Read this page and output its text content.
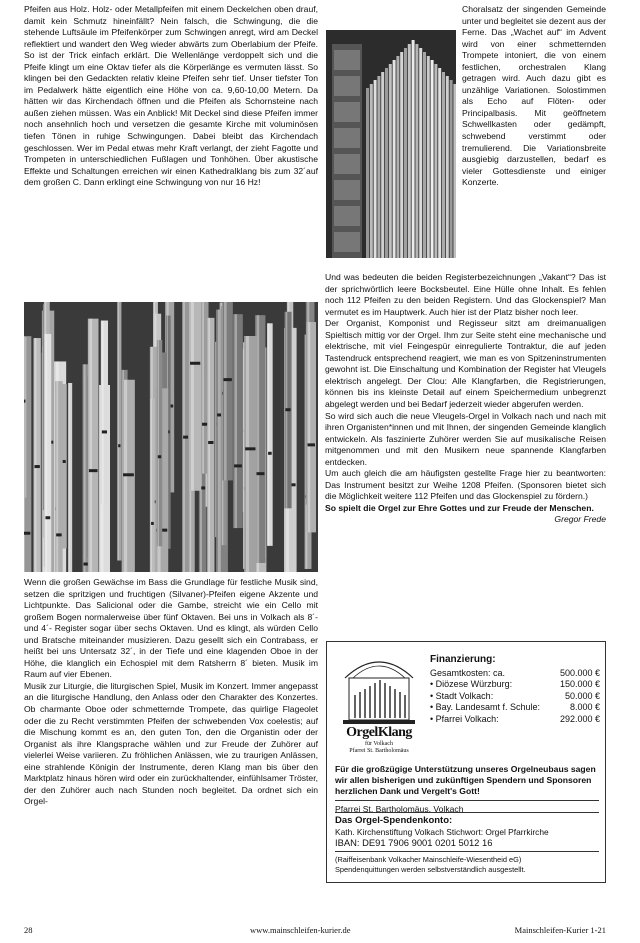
Pfeifen aus Holz. Holz- oder Metallpfeifen mit einem Deckelchen oben drauf, damit kein Schmutz hineinfällt? Nein falsch, die Schwingung, die die stehende Luftsäule im Pfeifenkörper zum Schwingen anregt, wird am Deckel reflektiert und wandert den Weg wieder abwärts zum Oberlabium der Pfeife. So ist der Trick einfach erklärt. Die Wellenlänge verdoppelt sich und die Pfeife klingt um eine Oktav tiefer als die Körperlänge es vermuten lässt. So klingen bei den Gedackten relativ kleine Pfeifen sehr tief. Unser tiefster Ton im Pedalwerk hätte eigentlich eine Höhe von ca. 9,60-10,00 Metern. Da hätten wir das Kirchendach öffnen und die Pfeifen als Schornsteine nach außen ziehen müssen. Was ein Anblick! Mit Deckel sind diese Pfeifen immer noch ansehnlich hoch und versetzen die gesamte Kirche mit voluminösen tiefen Tönen in ruhige Schwingungen. Dabei bleibt das Kirchendach geschlossen. Wer im Pedal etwas mehr Kraft verlangt, der zieht Fagotte und Trompeten in unterschiedlichen Fußlagen und Tonhöhen. Über akustische Effekte und Schaltungen erreichen wir einen Kathedralklang bis zum 32´auf dem großen C. Dann erklingt eine Schwingung von nur 16 Hz!

Wenn die großen Gewächse im Bass die Grundlage für festliche Musik sind, setzen die spritzigen und fruchtigen (Silvaner)-Pfeifen eigene Akzente und Lichtpunkte. Das Salicional oder die Gambe, streicht wie ein Cello mit großem Bogen normalerweise über fünf Oktaven. Bei uns in Volkach als 8´- und 4´- Register sogar über sechs Oktaven. Und es klingt, als würden Cello und Bratsche miteinander musizieren. Dazu gesellt sich ein Contrabass, er heißt bei uns Untersatz 32´, in der Tiefe und eine klagenden Oboe in der Höhe, die klanglich ein Echospiel mit dem Ratsherrn 8´ bieten. Musik im Raum auf vier Ebenen.

Musik zur Liturgie, die liturgischen Spiel, Musik im Konzert. Immer angepasst an die liturgische Handlung, den Anlass oder den Charakter des Konzertes. Ob charmante Oboe oder schmetternde Trompete, das quirlige Flageolet oder die zu Recht verstimmten Pfeifen der schwebenden Vox coelestis; auf die Mischung kommt es an, den guten Ton, den die Organistin oder der Organist als ihre Klangsprache wählen und zur Freude der Zuhörer auf vielerlei Weise variieren. Zu fröhlichen Anlässen, wie zu traurigen Anlässen, eine strahlende Königin der Instrumente, deren Klang man bis über den Marktplatz hinaus hören wird oder ein zurückhaltender, einfühlsamer Tröster, der den Zuhörer auch nach Stunden noch begleitet. Da ordnet sich ein Orgel-

Choralsatz der singenden Gemeinde unter und begleitet sie dezent aus der Ferne. Das „Wachet auf“ im Advent wird von einer schmetternden Trompete intoniert, die von einem festlichen, orchestralen Klang getragen wird. Auch dazu gibt es unzählige Variationen. Solostimmen als Echo auf Flöten- oder Principalbasis. Mit geöffnetem Schwellkasten oder gedämpft, schwebend verstimmt oder tremulierend. Die Variationsbreite ausgiebig darzustellen, bedarf es vieler Gottesdienste und einiger Konzerte.

Und was bedeuten die beiden Registerbezeichnungen „Vakant“? Das ist der sprichwörtlich leere Bocksbeutel. Eine Hülle ohne Inhalt. Es fehlen noch 112 Pfeifen zu den beiden Registern. Und das Glockenspiel? Man vermutet es im Hauptwerk. Auch hier ist der Platz bisher noch leer.

Der Organist, Komponist und Regisseur sitzt am dreimanualigen Spieltisch mittig vor der Orgel. Ihm zur Seite steht eine mechanische und elektrische, mit viel Feingespür einregulierte Tontraktur, die auf jeden Tastendruck entsprechend reagiert, wie man es von Spitzeninstrumenten gewohnt ist. Die Einschaltung und Kombination der Register hat Vleugels elektrisch angelegt. Der Clou: Alle Klangfarben, die Registrierungen, können bis ins kleinste Detail auf einem Speichermedium unbegrenzt abgelegt werden und bei Bedarf jederzeit wieder abgerufen werden.

So wird sich auch die neue Vleugels-Orgel in Volkach nach und nach mit ihren Organisten*innen und mit Ihnen, der singenden Gemeinde klanglich entwickeln. Als faszinierte Zuhörer werden Sie auf musikalische Reisen mitgenommen und mit den Musikern neue spannende Klangfarben entdecken.

Um auch gleich die am häufigsten gestellte Frage hier zu beantworten: Das Instrument besitzt zur Weihe 1208 Pfeifen. (Sponsoren bietet sich die Möglichkeit weitere 112 Pfeifen und das Glockenspiel zu fördern.)

So spielt die Orgel zur Ehre Gottes und zur Freude der Menschen.

Gregor Frede

OrgelKlang
für Volkach
Pfarrei St. Bartholomäus
Finanzierung:
Gesamtkosten: ca.	500.000 €
• Diözese Würzburg:	150.000 €
• Stadt Volkach:	50.000 €
• Bay. Landesamt f. Schule:	8.000 €
• Pfarrei Volkach:	292.000 €
Für die großzügige Unterstützung unseres Orgelneubaus sagen wir allen bisherigen und zukünftigen Spendern und Sponsoren herzlichen Dank und Vergelt's Gott!
Pfarrei St. Bartholomäus, Volkach
Das Orgel-Spendenkonto:
Kath. Kirchenstiftung Volkach Stichwort: Orgel Pfarrkirche
IBAN: DE91 7906 9001 0201 5012 16
(Raiffeisenbank Volkacher Mainschleife-Wiesentheid eG)
Spendenquittungen werden selbstverständlich ausgestellt.
28	www.mainschleifen-kurier.de	Mainschleifen-Kurier 1-21
